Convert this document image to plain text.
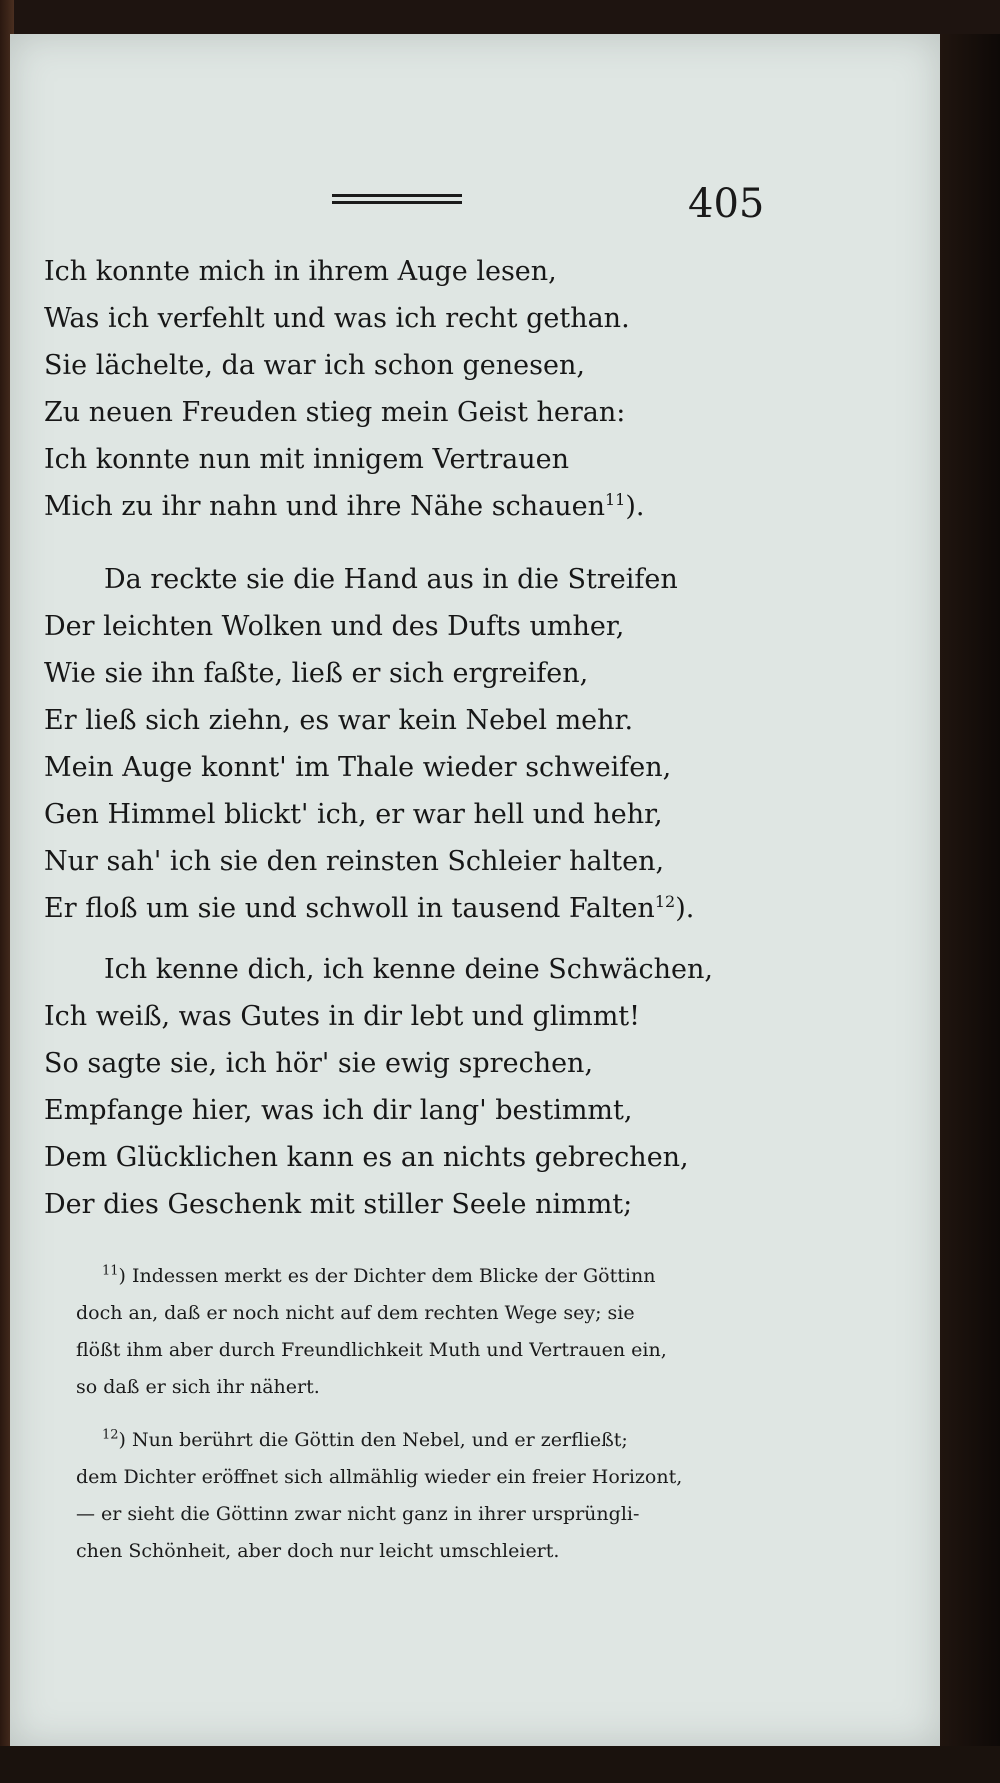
405
Ich konnte mich in ihrem Auge lesen,
Was ich verfehlt und was ich recht gethan.
Sie lächelte, da war ich schon genesen,
Zu neuen Freuden stieg mein Geist heran:
Ich konnte nun mit innigem Vertrauen
Mich zu ihr nahn und ihre Nähe schauen$^{11}$).
Da reckte sie die Hand aus in die Streifen
Der leichten Wolken und des Dufts umher,
Wie sie ihn faßte, ließ er sich ergreifen,
Er ließ sich ziehn, es war kein Nebel mehr.
Mein Auge konnt' im Thale wieder schweifen,
Gen Himmel blickt' ich, er war hell und hehr,
Nur sah' ich sie den reinsten Schleier halten,
Er floß um sie und schwoll in tausend Falten$^{12}$).
Ich kenne dich, ich kenne deine Schwächen,
Ich weiß, was Gutes in dir lebt und glimmt!
So sagte sie, ich hör' sie ewig sprechen,
Empfange hier, was ich dir lang' bestimmt,
Dem Glücklichen kann es an nichts gebrechen,
Der dies Geschenk mit stiller Seele nimmt;
$^{11}$) Indessen merkt es der Dichter dem Blicke der Göttinn
doch an, daß er noch nicht auf dem rechten Wege sey; sie
flößt ihm aber durch Freundlichkeit Muth und Vertrauen ein,
so daß er sich ihr nähert.
$^{12}$) Nun berührt die Göttin den Nebel, und er zerfließt;
dem Dichter eröffnet sich allmählig wieder ein freier Horizont,
— er sieht die Göttinn zwar nicht ganz in ihrer ursprüngli-
chen Schönheit, aber doch nur leicht umschleiert.
